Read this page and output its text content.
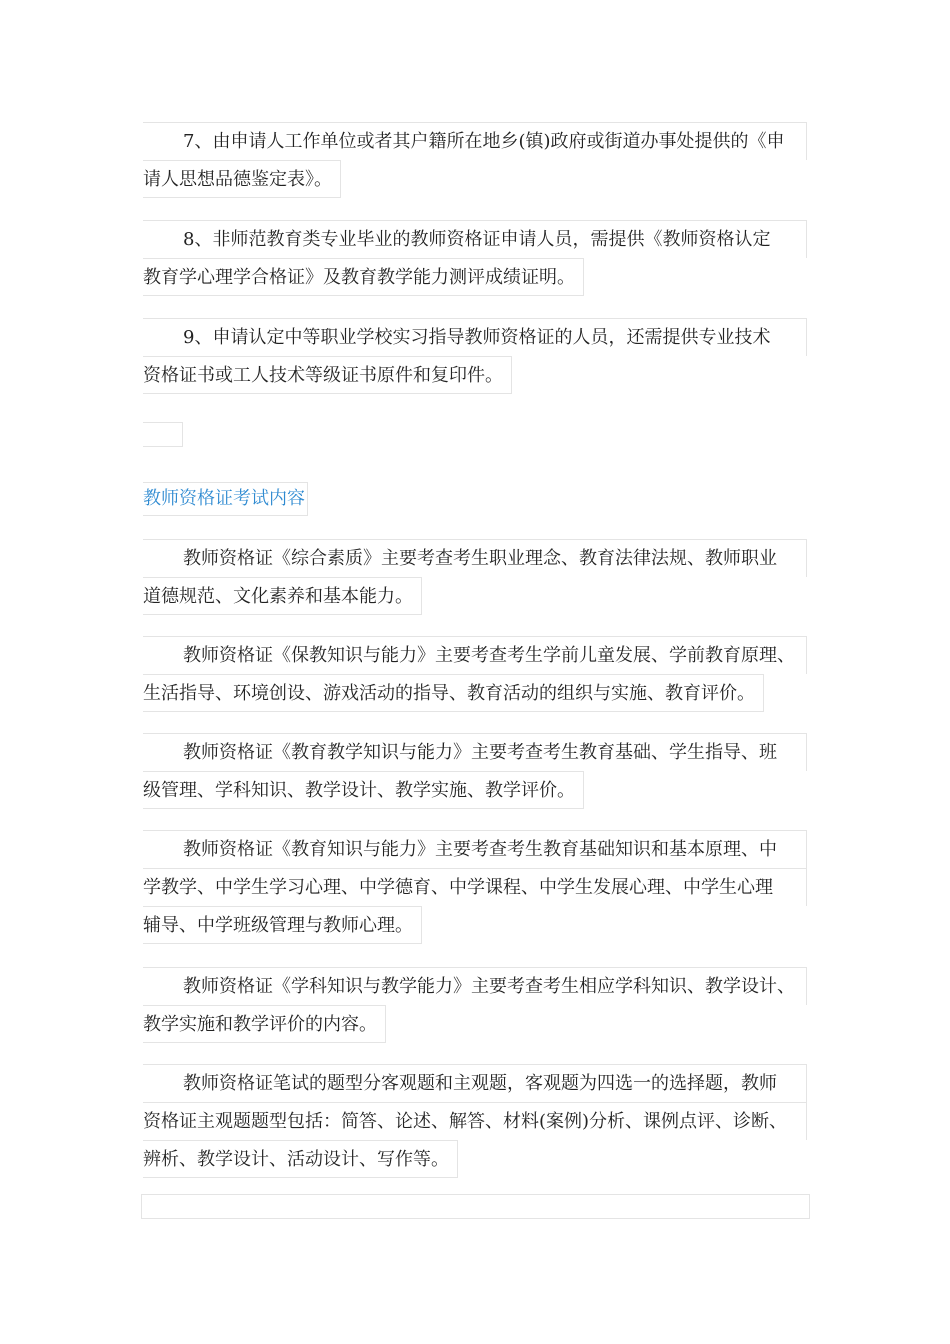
7、由申请人工作单位或者其户籍所在地乡(镇)政府或街道办事处提供的《申
请人思想品德鉴定表》。
8、非师范教育类专业毕业的教师资格证申请人员，需提供《教师资格认定
教育学心理学合格证》及教育教学能力测评成绩证明。
9、申请认定中等职业学校实习指导教师资格证的人员，还需提供专业技术
资格证书或工人技术等级证书原件和复印件。
教师资格证考试内容
教师资格证《综合素质》主要考查考生职业理念、教育法律法规、教师职业
道德规范、文化素养和基本能力。
教师资格证《保教知识与能力》主要考查考生学前儿童发展、学前教育原理、
生活指导、环境创设、游戏活动的指导、教育活动的组织与实施、教育评价。
教师资格证《教育教学知识与能力》主要考查考生教育基础、学生指导、班
级管理、学科知识、教学设计、教学实施、教学评价。
教师资格证《教育知识与能力》主要考查考生教育基础知识和基本原理、中
学教学、中学生学习心理、中学德育、中学课程、中学生发展心理、中学生心理
辅导、中学班级管理与教师心理。
教师资格证《学科知识与教学能力》主要考查考生相应学科知识、教学设计、
教学实施和教学评价的内容。
教师资格证笔试的题型分客观题和主观题，客观题为四选一的选择题，教师
资格证主观题题型包括：简答、论述、解答、材料(案例)分析、课例点评、诊断、
辨析、教学设计、活动设计、写作等。
